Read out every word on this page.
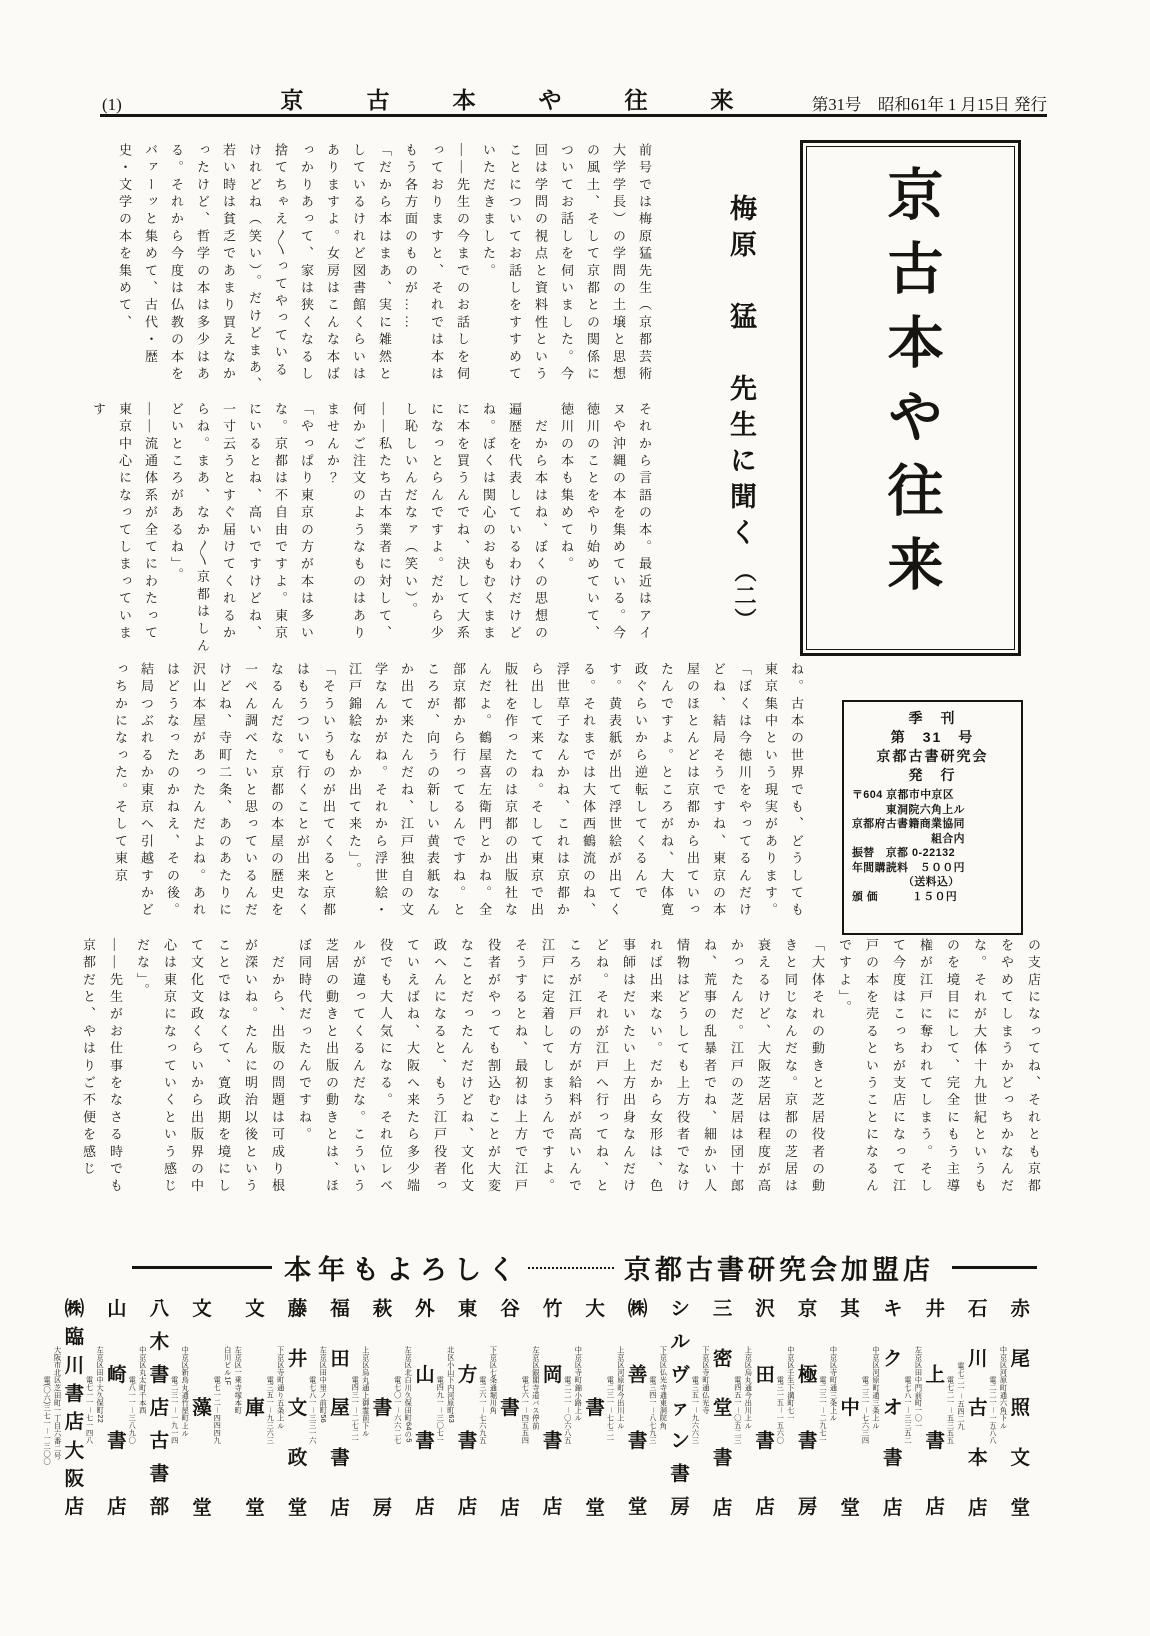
(1)	京　古　本　や　往　来	第31号　昭和61年 1 月15日 発行
京古本や往来
梅原　猛　先生に聞く
（二）

前号では梅原猛先生（京都芸術大学学長）の学問の土壌と思想の風土、そして京都との関係についてお話しを伺いました。今回は学問の視点と資料性ということについてお話しをすすめていただきました。

――先生の今までのお話しを伺っておりますと、それでは本はもう各方面のものが……

「だから本はまあ、実に雑然としているけれど図書館くらいはありますよ。女房はこんな本ばっかりあって、家は狭くなるし捨てちゃえ〱ってやっているけれどね（笑い）。だけどまあ、若い時は貧乏であまり買えなかったけど、哲学の本は多少はある。それから今度は仏教の本をバァーッと集めて、古代・歴史・文学の本を集めて、

それから言語の本。最近はアイヌや沖縄の本を集めている。今徳川のことをやり始めていて、徳川の本も集めてね。

　だから本はね、ぼくの思想の遍歴を代表しているわけだけどね。ぼくは関心のおもむくままに本を買うんでね、決して大系になっとらんですよ。だから少し恥しいんだなァ（笑い）。

――私たち古本業者に対して、何かご注文のようなものはありませんか？

「やっぱり東京の方が本は多いな。京都は不自由ですよ。東京にいるとね、高いですけどね、一寸云うとすぐ届けてくれるからね。まあ、なか〱京都はしんどいところがあるね」。

――流通体系が全てにわたって東京中心になってしまっています

ね。古本の世界でも、どうしても東京集中という現実があります。

「ぼくは今徳川をやってるんだけどね、結局そうですね、東京の本屋のほとんどは京都から出ていったんですよ。ところがね、大体寛政ぐらいから逆転してくるんです。黄表紙が出て浮世絵が出てくる。それまでは大体西鶴流のね、浮世草子なんかね、これは京都から出して来てね。そして東京で出版社を作ったのは京都の出版社なんだよ。鶴屋喜左衛門とかね。全部京都から行ってるんですね。ところが、向うの新しい黄表紙なんか出て来たんだね、江戸独自の文学なんかがね。それから浮世絵・江戸錦絵なんか出て来た」。

「そういうものが出てくると京都はもうついて行くことが出来なくなるんだな。京都の本屋の歴史を一ぺん調べたいと思っているんだけどね、寺町二条、あのあたりに沢山本屋があったんだよね。あれはどうなったのかねえ、その後。結局つぶれるか東京へ引越すかどっちかになった。そして東京

の支店になってね、それとも京都をやめてしまうかどっちかなんだな。それが大体十九世紀というものを境目にして、完全にもう主導権が江戸に奪われてしまう。そして今度はこっちが支店になって江戸の本を売るということになるんですよ」。

「大体それの動きと芝居役者の動きと同じなんだな。京都の芝居は衰えるけど、大阪芝居は程度が高かったんだ。江戸の芝居は団十郎ね、荒事の乱暴者でね、細かい人情物はどうしても上方役者でなければ出来ない。だから女形は、色事師はだいたい上方出身なんだけどね。それが江戸へ行ってね、ところが江戸の方が給料が高いんで江戸に定着してしまうんですよ。そうするとね、最初は上方で江戸役者がやっても割込むことが大変なことだったんだけどね、文化文政へんになると、もう江戸役者っていえばね、大阪へ来たら多少端役でも大人気になる。それ位レベルが違ってくるんだな。こういう芝居の動きと出版の動きとは、ほぼ同時代だったんですね。

　だから、出版の問題は可成り根が深いね。たんに明治以後ということではなくて、寛政期を境にして文化文政くらいから出版界の中心は東京になっていくという感じだな」。

――先生がお仕事をなさる時でも京都だと、やはりご不便を感じ

季　刊
第　31　号
京都古書研究会
発　行
〒604 京都市中京区
　　　東洞院六角上ル
京都府古書籍商業協同
　　　　　　　組合内
振替　京都 0-22132
年間購読料　５００円
　　　　　（送料込）
頒 価　　　１５０円
本年もよろしく	京都古書研究会加盟店
中京区河原町通六角下ル
電二二一－一五八八
赤
尾
照
文
堂
電七二一－五四二九
電七二一－五三五五
石
川
古
本
店
左京区田中門前町一〇一
電七八一－三三五二
井
上
書
店
中京区河原町通三条上ル
電二三一－七六三四
キ
ク
オ
書
店
中京区寺町通三条上ル
電二三一－二九七一
其
中
堂
中京区壬生下溝町七一
電三一五－一五六〇
京
極
書
房
上京区烏丸通今出川上ル
電四五一－〇五二三
沢
田
書
店
下京区寺町通仏光寺
電三五一－九六六三
三
密
堂
書
店
下京区仏光寺通東洞院角
電三四一－八七九三
シ
ル
ヴ
ァ
ン
書
房
上京区河原町今出川上ル
電二三一－七七二一
㈱
善
書
堂
中京区寺町錦小路上ル
電二二一－〇六八五
大
書
堂
左京区銀閣寺道バス停前
電七六一－四五五四
竹
岡
書
店
下京区七条通堀川角
電三六一－七六九五
谷
書
店
北区小山下内河原町63
電四九一－三〇七一
東
方
書
店
左京区北白川久保田町64の5
電七〇一－六六二七
外
山
書
店
上京区烏丸通上御霊前下ル
電四三一－二七二一
萩
書
房
左京区田中里ノ前町56
電七八一－三三一六
福
田
屋
書
店
下京区寺町通り五条上ル
電三五一－九三六三
藤
井
文
政
堂
左京区一乗寺塚本町
白川ビル1F
電七一二－四四四九
文
庫
堂
中京区新烏丸通竹屋町上ル
電二三一－一九一四
文
藻
堂
中京区丸太町千本西
電八一一－三八九〇
八
木
書
店
古
書
部
左京区田中大久保町22
電七一一－七一四八
山
崎
書
店
大阪市北区芝田町一丁目六番二号
電(〇六)三七一－一三〇〇
㈱
臨
川
書
店
大
阪
店
